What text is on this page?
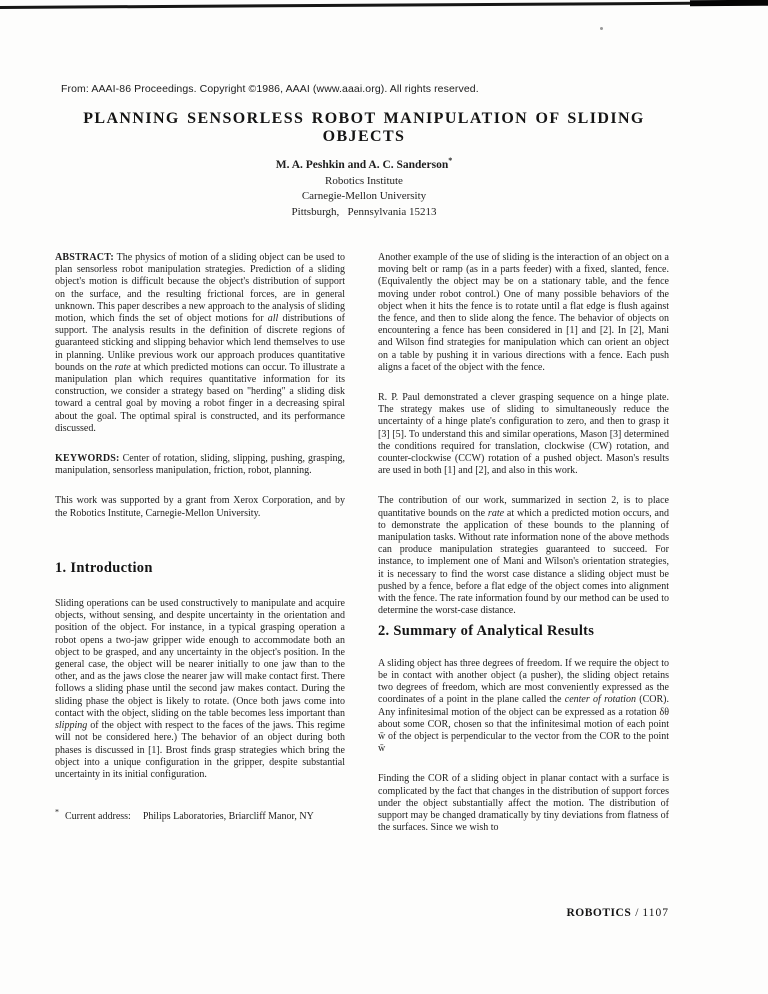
From: AAAI-86 Proceedings. Copyright ©1986, AAAI (www.aaai.org). All rights reserved.
PLANNING SENSORLESS ROBOT MANIPULATION OF SLIDING OBJECTS
M. A. Peshkin and A. C. Sanderson*
Robotics Institute
Carnegie-Mellon University
Pittsburgh,   Pennsylvania 15213

ABSTRACT: The physics of motion of a sliding object can be used to plan sensorless robot manipulation strategies. Prediction of a sliding object's motion is difficult because the object's distribution of support on the surface, and the resulting frictional forces, are in general unknown. This paper describes a new approach to the analysis of sliding motion, which finds the set of object motions for all distributions of support. The analysis results in the definition of discrete regions of guaranteed sticking and slipping behavior which lend themselves to use in planning. Unlike previous work our approach produces quantitative bounds on the rate at which predicted motions can occur. To illustrate a manipulation plan which requires quantitative information for its construction, we consider a strategy based on "herding" a sliding disk toward a central goal by moving a robot finger in a decreasing spiral about the goal. The optimal spiral is constructed, and its performance discussed.

KEYWORDS: Center of rotation, sliding, slipping, pushing, grasping, manipulation, sensorless manipulation, friction, robot, planning.

This work was supported by a grant from Xerox Corporation, and by the Robotics Institute, Carnegie-Mellon University.

1. Introduction

Sliding operations can be used constructively to manipulate and acquire objects, without sensing, and despite uncertainty in the orientation and position of the object. For instance, in a typical grasping operation a robot opens a two-jaw gripper wide enough to accommodate both an object to be grasped, and any uncertainty in the object's position. In the general case, the object will be nearer initially to one jaw than to the other, and as the jaws close the nearer jaw will make contact first. There follows a sliding phase until the second jaw makes contact. During the sliding phase the object is likely to rotate. (Once both jaws come into contact with the object, sliding on the table becomes less important than slipping of the object with respect to the faces of the jaws. This regime will not be considered here.) The behavior of an object during both phases is discussed in [1]. Brost finds grasp strategies which bring the object into a unique configuration in the gripper, despite substantial uncertainty in its initial configuration.

* Current address: Philips Laboratories, Briarcliff Manor, NY

Another example of the use of sliding is the interaction of an object on a moving belt or ramp (as in a parts feeder) with a fixed, slanted, fence. (Equivalently the object may be on a stationary table, and the fence moving under robot control.) One of many possible behaviors of the object when it hits the fence is to rotate until a flat edge is flush against the fence, and then to slide along the fence. The behavior of objects on encountering a fence has been considered in [1] and [2]. In [2], Mani and Wilson find strategies for manipulation which can orient an object on a table by pushing it in various directions with a fence. Each push aligns a facet of the object with the fence.

R. P. Paul demonstrated a clever grasping sequence on a hinge plate. The strategy makes use of sliding to simultaneously reduce the uncertainty of a hinge plate's configuration to zero, and then to grasp it [3] [5]. To understand this and similar operations, Mason [3] determined the conditions required for translation, clockwise (CW) rotation, and counter-clockwise (CCW) rotation of a pushed object. Mason's results are used in both [1] and [2], and also in this work.

The contribution of our work, summarized in section 2, is to place quantitative bounds on the rate at which a predicted motion occurs, and to demonstrate the application of these bounds to the planning of manipulation tasks. Without rate information none of the above methods can produce manipulation strategies guaranteed to succeed. For instance, to implement one of Mani and Wilson's orientation strategies, it is necessary to find the worst case distance a sliding object must be pushed by a fence, before a flat edge of the object comes into alignment with the fence. The rate information found by our method can be used to determine the worst-case distance.

2. Summary of Analytical Results

A sliding object has three degrees of freedom. If we require the object to be in contact with another object (a pusher), the sliding object retains two degrees of freedom, which are most conveniently expressed as the coordinates of a point in the plane called the center of rotation (COR). Any infinitesimal motion of the object can be expressed as a rotation δθ about some COR, chosen so that the infinitesimal motion of each point w̄ of the object is perpendicular to the vector from the COR to the point w̄

Finding the COR of a sliding object in planar contact with a surface is complicated by the fact that changes in the distribution of support forces under the object substantially affect the motion. The distribution of support may be changed dramatically by tiny deviations from flatness of the surfaces. Since we wish to

ROBOTICS / 1107
